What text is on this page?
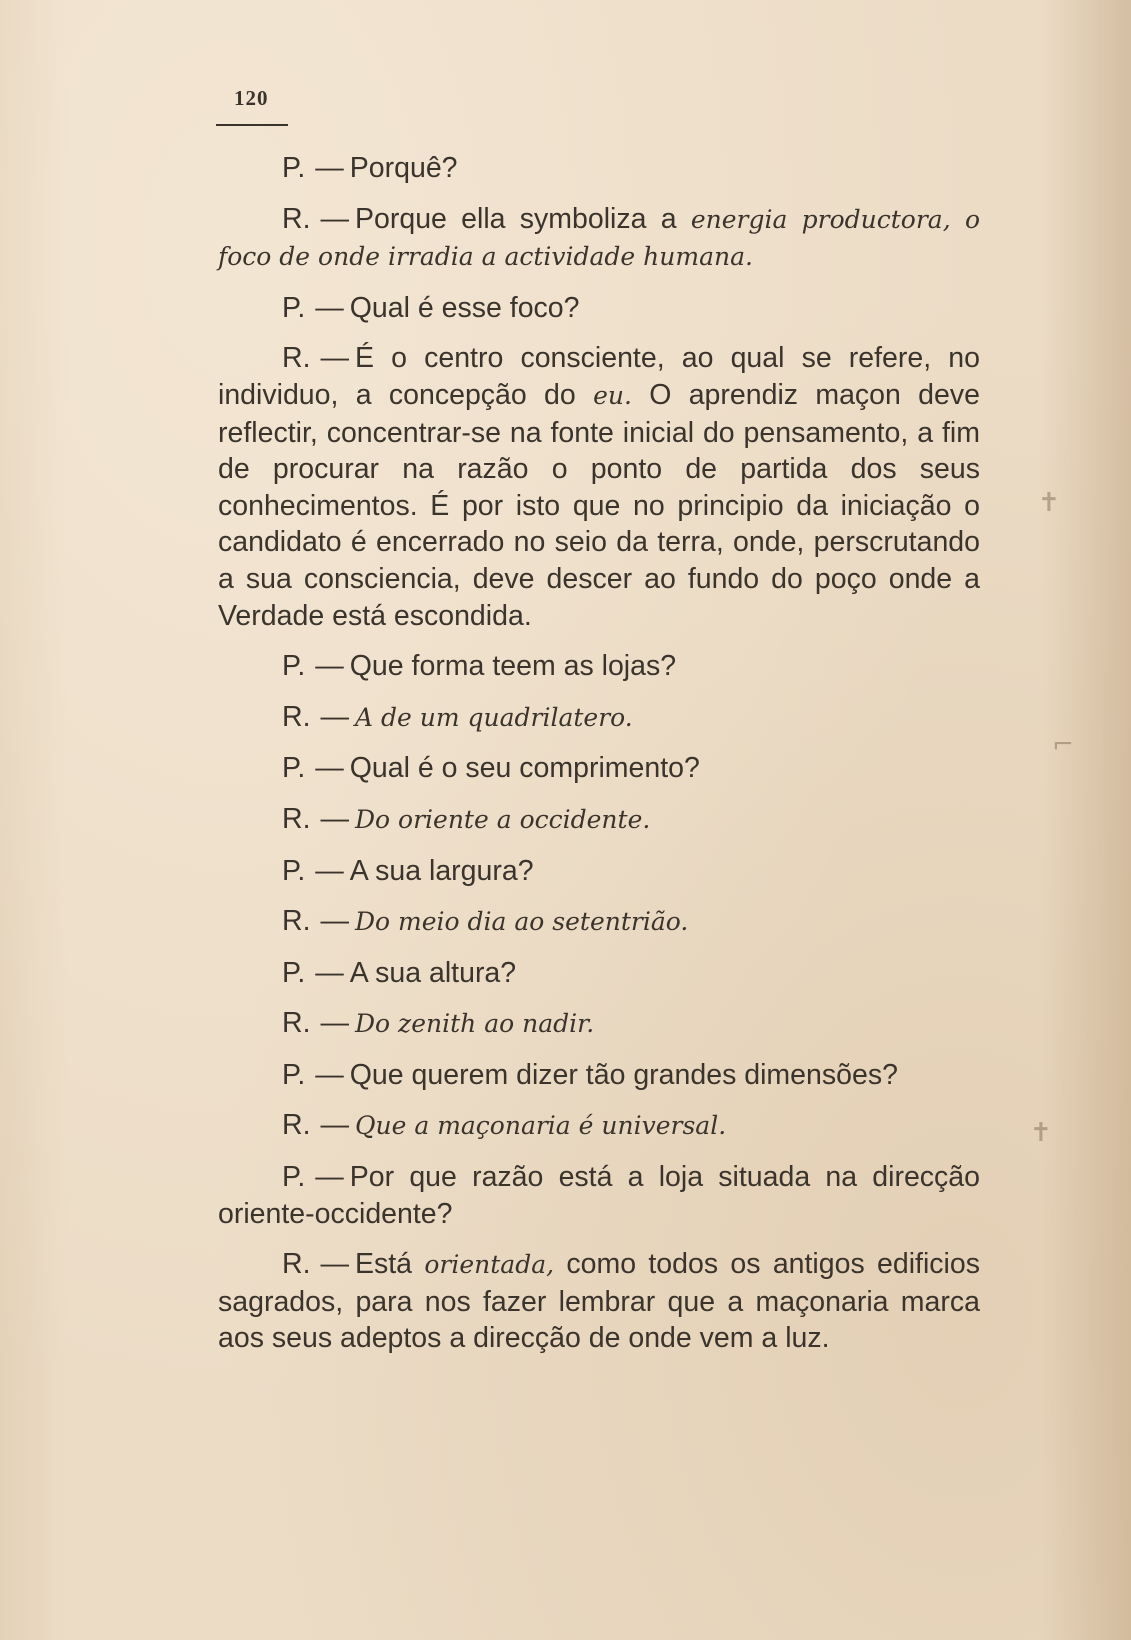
120

P. — Porquê?

R. — Porque ella symboliza a energia productora, o foco de onde irradia a actividade humana.

P. — Qual é esse foco?

R. — É o centro consciente, ao qual se refere, no individuo, a concepção do eu. O aprendiz maçon deve reflectir, concentrar-se na fonte inicial do pensamento, a fim de procurar na razão o ponto de partida dos seus conhecimentos. É por isto que no principio da iniciação o candidato é encerrado no seio da terra, onde, perscrutando a sua consciencia, deve descer ao fundo do poço onde a Verdade está escondida.

P. — Que forma teem as lojas?

R. — A de um quadrilatero.

P. — Qual é o seu comprimento?

R. — Do oriente a occidente.

P. — A sua largura?

R. — Do meio dia ao setentrião.

P. — A sua altura?

R. — Do zenith ao nadir.

P. — Que querem dizer tão grandes dimensões?

R. — Que a maçonaria é universal.

P. — Por que razão está a loja situada na direcção oriente-occidente?

R. — Está orientada, como todos os antigos edificios sagrados, para nos fazer lembrar que a maçonaria marca aos seus adeptos a direcção de onde vem a luz.

✝
⌐
✝
